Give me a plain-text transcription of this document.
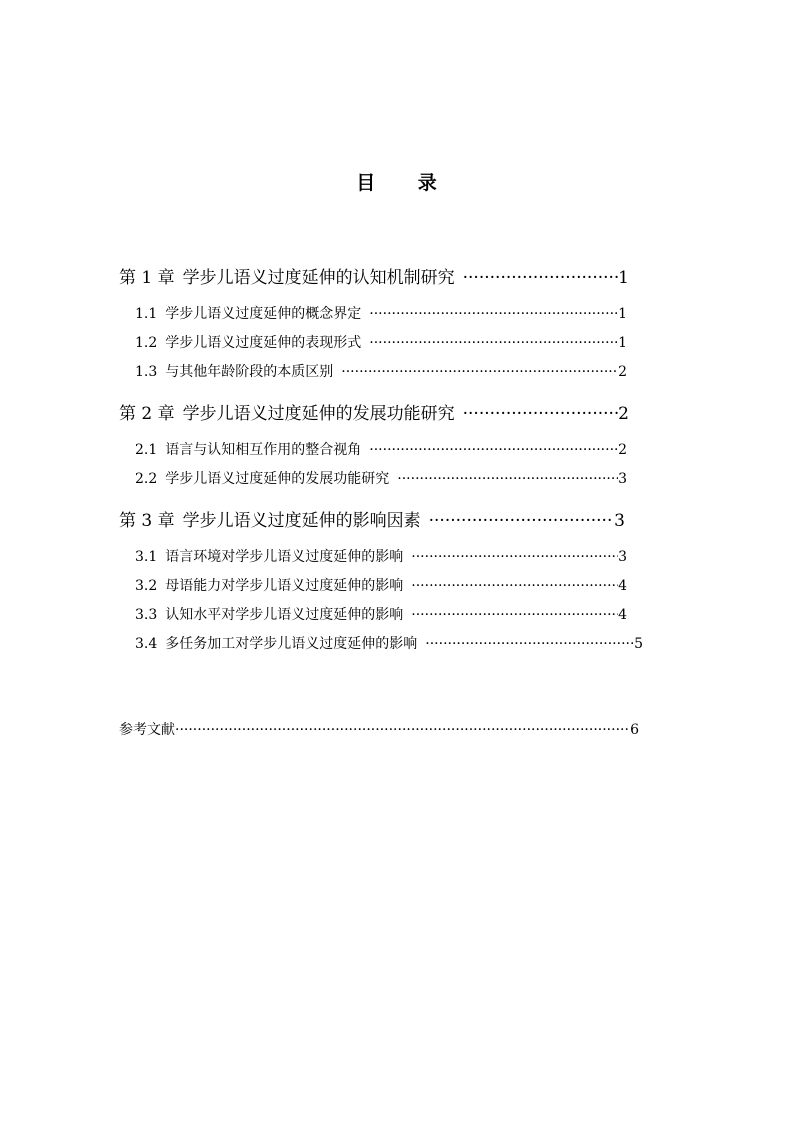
目 录
第 1 章 学步儿语义过度延伸的认知机制研究 ·····	1
1.1 学步儿语义过度延伸的概念界定 ·····	1
1.2 学步儿语义过度延伸的表现形式 ·····	1
1.3 与其他年龄阶段的本质区别 ·····	2
第 2 章 学步儿语义过度延伸的发展功能研究 ·····	2
2.1 语言与认知相互作用的整合视角 ·····	2
2.2 学步儿语义过度延伸的发展功能研究 ·····	3
第 3 章 学步儿语义过度延伸的影响因素 ·····	3
3.1 语言环境对学步儿语义过度延伸的影响 ·····	3
3.2 母语能力对学步儿语义过度延伸的影响 ·····	4
3.3 认知水平对学步儿语义过度延伸的影响 ·····	4
3.4 多任务加工对学步儿语义过度延伸的影响 ·····	5
参考文献 ·····	6
